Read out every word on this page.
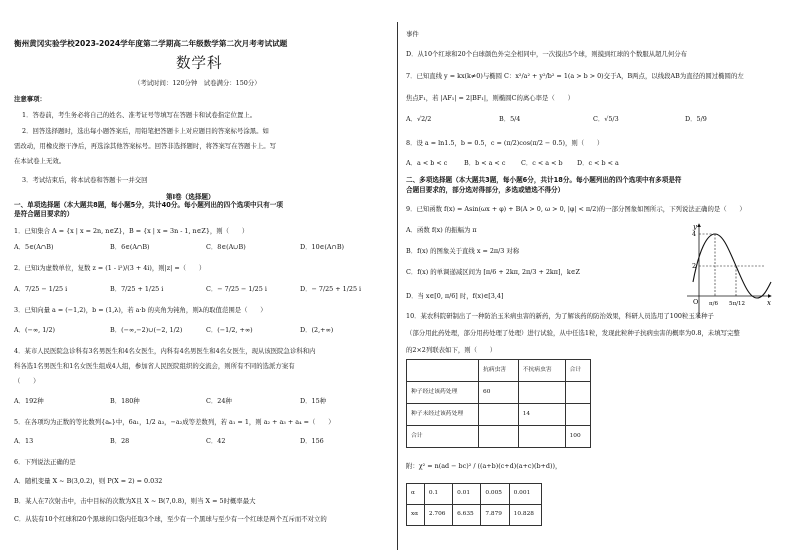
衡州黄冈实验学校2023-2024学年度第二学期高二年级数学第二次月考考试试题
数学科
（考试时间：120分钟　试卷满分：150分）
注意事项：
1．答卷前，考生务必将自己的姓名、准考证号等填写在答题卡和试卷指定位置上。
2．回答选择题时，选出每小题答案后，用铅笔把答题卡上对应题目的答案标号涂黑。如
需改动，用橡皮擦干净后，再选涂其他答案标号。回答非选择题时，将答案写在答题卡上。写
在本试卷上无效。
3．考试结束后，将本试卷和答题卡一并交回
第Ⅰ卷（选择题）
一、单项选择题（本大题共8题，每小题5分，共计40分。每小题列出的四个选项中只有一项
是符合题目要求的）
1．已知集合 A = {x | x = 2n, n∈Z}，B = {x | x = 3n - 1, n∈Z}，则（　　）
A．5∈(A∩B)	B．6∈(A∩B)	C．8∈(A∪B)	D．10∈(A∩B)
2．已知i为虚数单位，复数 z = (1 - i²)/(3 + 4i)，则|z| =（　　）
A．7/25 − 1/25 i	B．7/25 + 1/25 i	C．− 7/25 − 1/25 i	D．− 7/25 + 1/25 i
3．已知向量 a = (−1,2)，b = (1,λ)，若 a·b 的夹角为钝角，则λ的取值范围是（　　）
A．(−∞, 1/2)	B．(−∞,−2)∪(−2, 1/2)	C．(−1/2, +∞)	D．(2,+∞)
4．某市人民医院急诊科有3名男医生和4名女医生，内科有4名男医生和4名女医生，现从该医院急诊科和内
科各选1名男医生和1名女医生组成4人组，参加省人民医院组织的交流会，则所有不同的选派方案有
（　　）
A．192种	B．180种	C．24种	D．15种
5．在各项均为正数的等比数列{aₙ}中，6a₁，1/2 a₃，−a₂成等差数列，若 a₁ = 1，则 a₂ + a₃ + a₄ =（　　）
A．13	B．28	C．42	D．156
6．下列说法正确的是
A．随机变量 X ~ B(3,0.2)，则 P(X = 2) = 0.032
B．某人在7次射击中，击中目标的次数为X且 X ~ B(7,0.8)，则当 X = 5时概率最大
C．从装有10个红球和20个黑球的口袋内任取3个球，至少有一个黑球与至少有一个红球是两个互斥而不对立的
事件
D．从10个红球和20个白球颜色外完全相同中，一次摸出5个球，则摸到红球的个数服从超几何分布
7．已知直线 y = kx(k≠0)与椭圆 C：x²/a² + y²/b² = 1(a > b > 0)交于A，B两点，以线段AB为直径的圆过椭圆的左
焦点F₁，若 |AF₁| = 2|BF₁|，则椭圆C的离心率是（　　）
A．√2/2	B．5/4	C．√5/3	D．5/9
8．设 a = ln1.5，b = 0.5，c = (π/2)cos(π/2 − 0.5)，则（　　）
A．a < b < c	B．b < a < c C．c < a < b D．c < b < a
二、多项选择题（本大题共3题，每小题6分，共计18分。每小题列出的四个选项中有多项是符
合题目要求的，部分选对得部分，多选或错选不得分）
9．已知函数 f(x) = Asin(ωx + φ) + B(A > 0, ω > 0, |φ| < π/2)的一部分图象如图所示，下列说法正确的是（　　）
A．函数 f(x) 的振幅为 π
B．f(x) 的图象关于直线 x = 2π/3 对称
C．f(x) 的单调递减区间为 [π/6 + 2kπ, 2π/3 + 2kπ]，k∈Z
D．当 x∈[0, π/6] 时，f(x)∈[3,4]
y
x
O
4
2
π/6 5π/12
10．某农科院研制出了一种防治玉米病虫害的新药，为了解该药的防治效果，科研人员选用了100粒玉米种子
（部分用此药处理，部分用药处理了处理）进行试验，从中任选1粒，发现此粒种子抗病虫害的概率为0.8，未填写完整
的2×2列联表如下，则（　　）
	抗病虫害	不抗病虫害	合计
种子经过该药处理	60		
种子未经过该药处理		14	
合计			100
附：χ² = n(ad − bc)² / ((a+b)(c+d)(a+c)(b+d))，
α	0.1	0.01	0.005	0.001
xα	2.706	6.635	7.879	10.828
